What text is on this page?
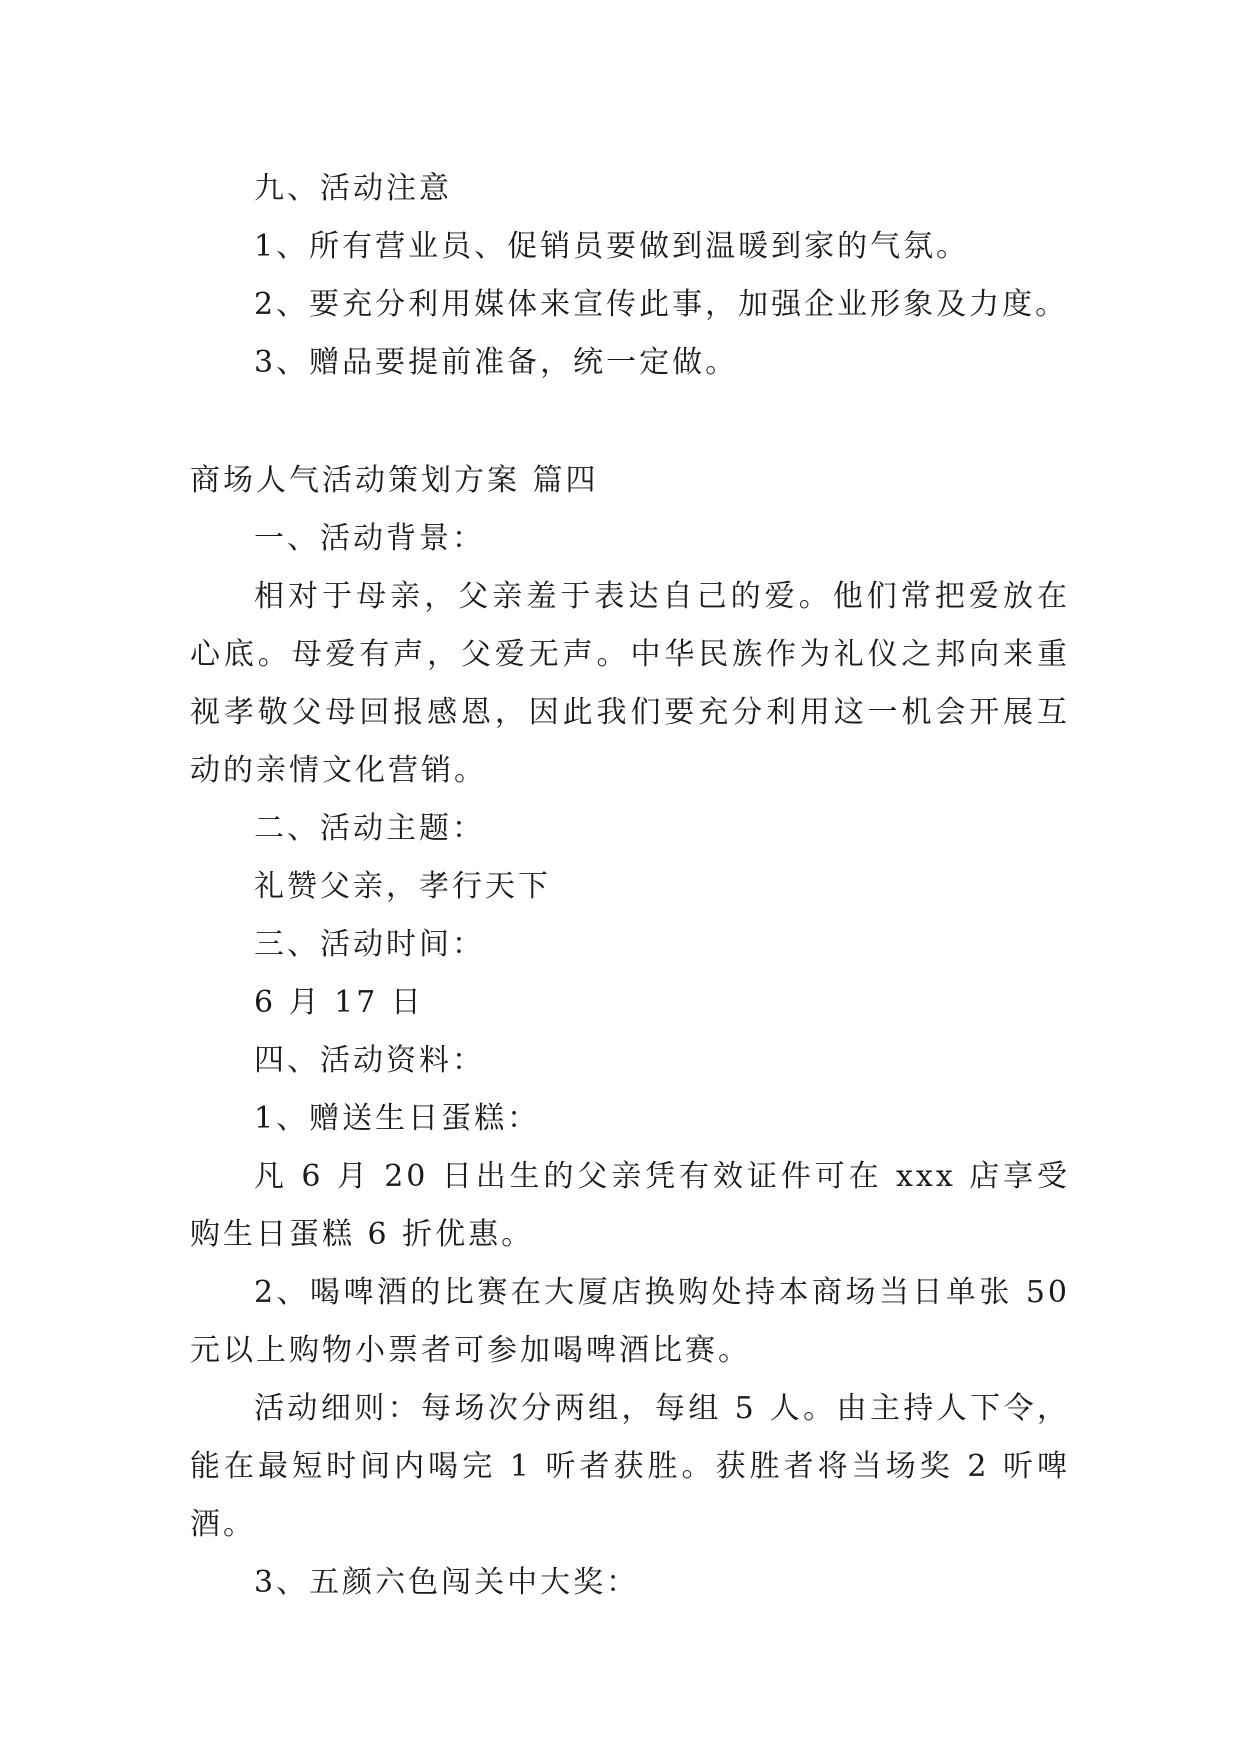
九、活动注意

1、所有营业员、促销员要做到温暖到家的气氛。

2、要充分利用媒体来宣传此事，加强企业形象及力度。

3、赠品要提前准备，统一定做。

商场人气活动策划方案 篇四

一、活动背景：

相对于母亲，父亲羞于表达自己的爱。他们常把爱放在心底。母爱有声，父爱无声。中华民族作为礼仪之邦向来重视孝敬父母回报感恩，因此我们要充分利用这一机会开展互动的亲情文化营销。

二、活动主题：

礼赞父亲，孝行天下

三、活动时间：

6 月 17 日

四、活动资料：

1、赠送生日蛋糕：

凡 6 月 20 日出生的父亲凭有效证件可在 xxx 店享受购生日蛋糕 6 折优惠。

2、喝啤酒的比赛在大厦店换购处持本商场当日单张 50 元以上购物小票者可参加喝啤酒比赛。

活动细则：每场次分两组，每组 5 人。由主持人下令，能在最短时间内喝完 1 听者获胜。获胜者将当场奖 2 听啤酒。

3、五颜六色闯关中大奖：
